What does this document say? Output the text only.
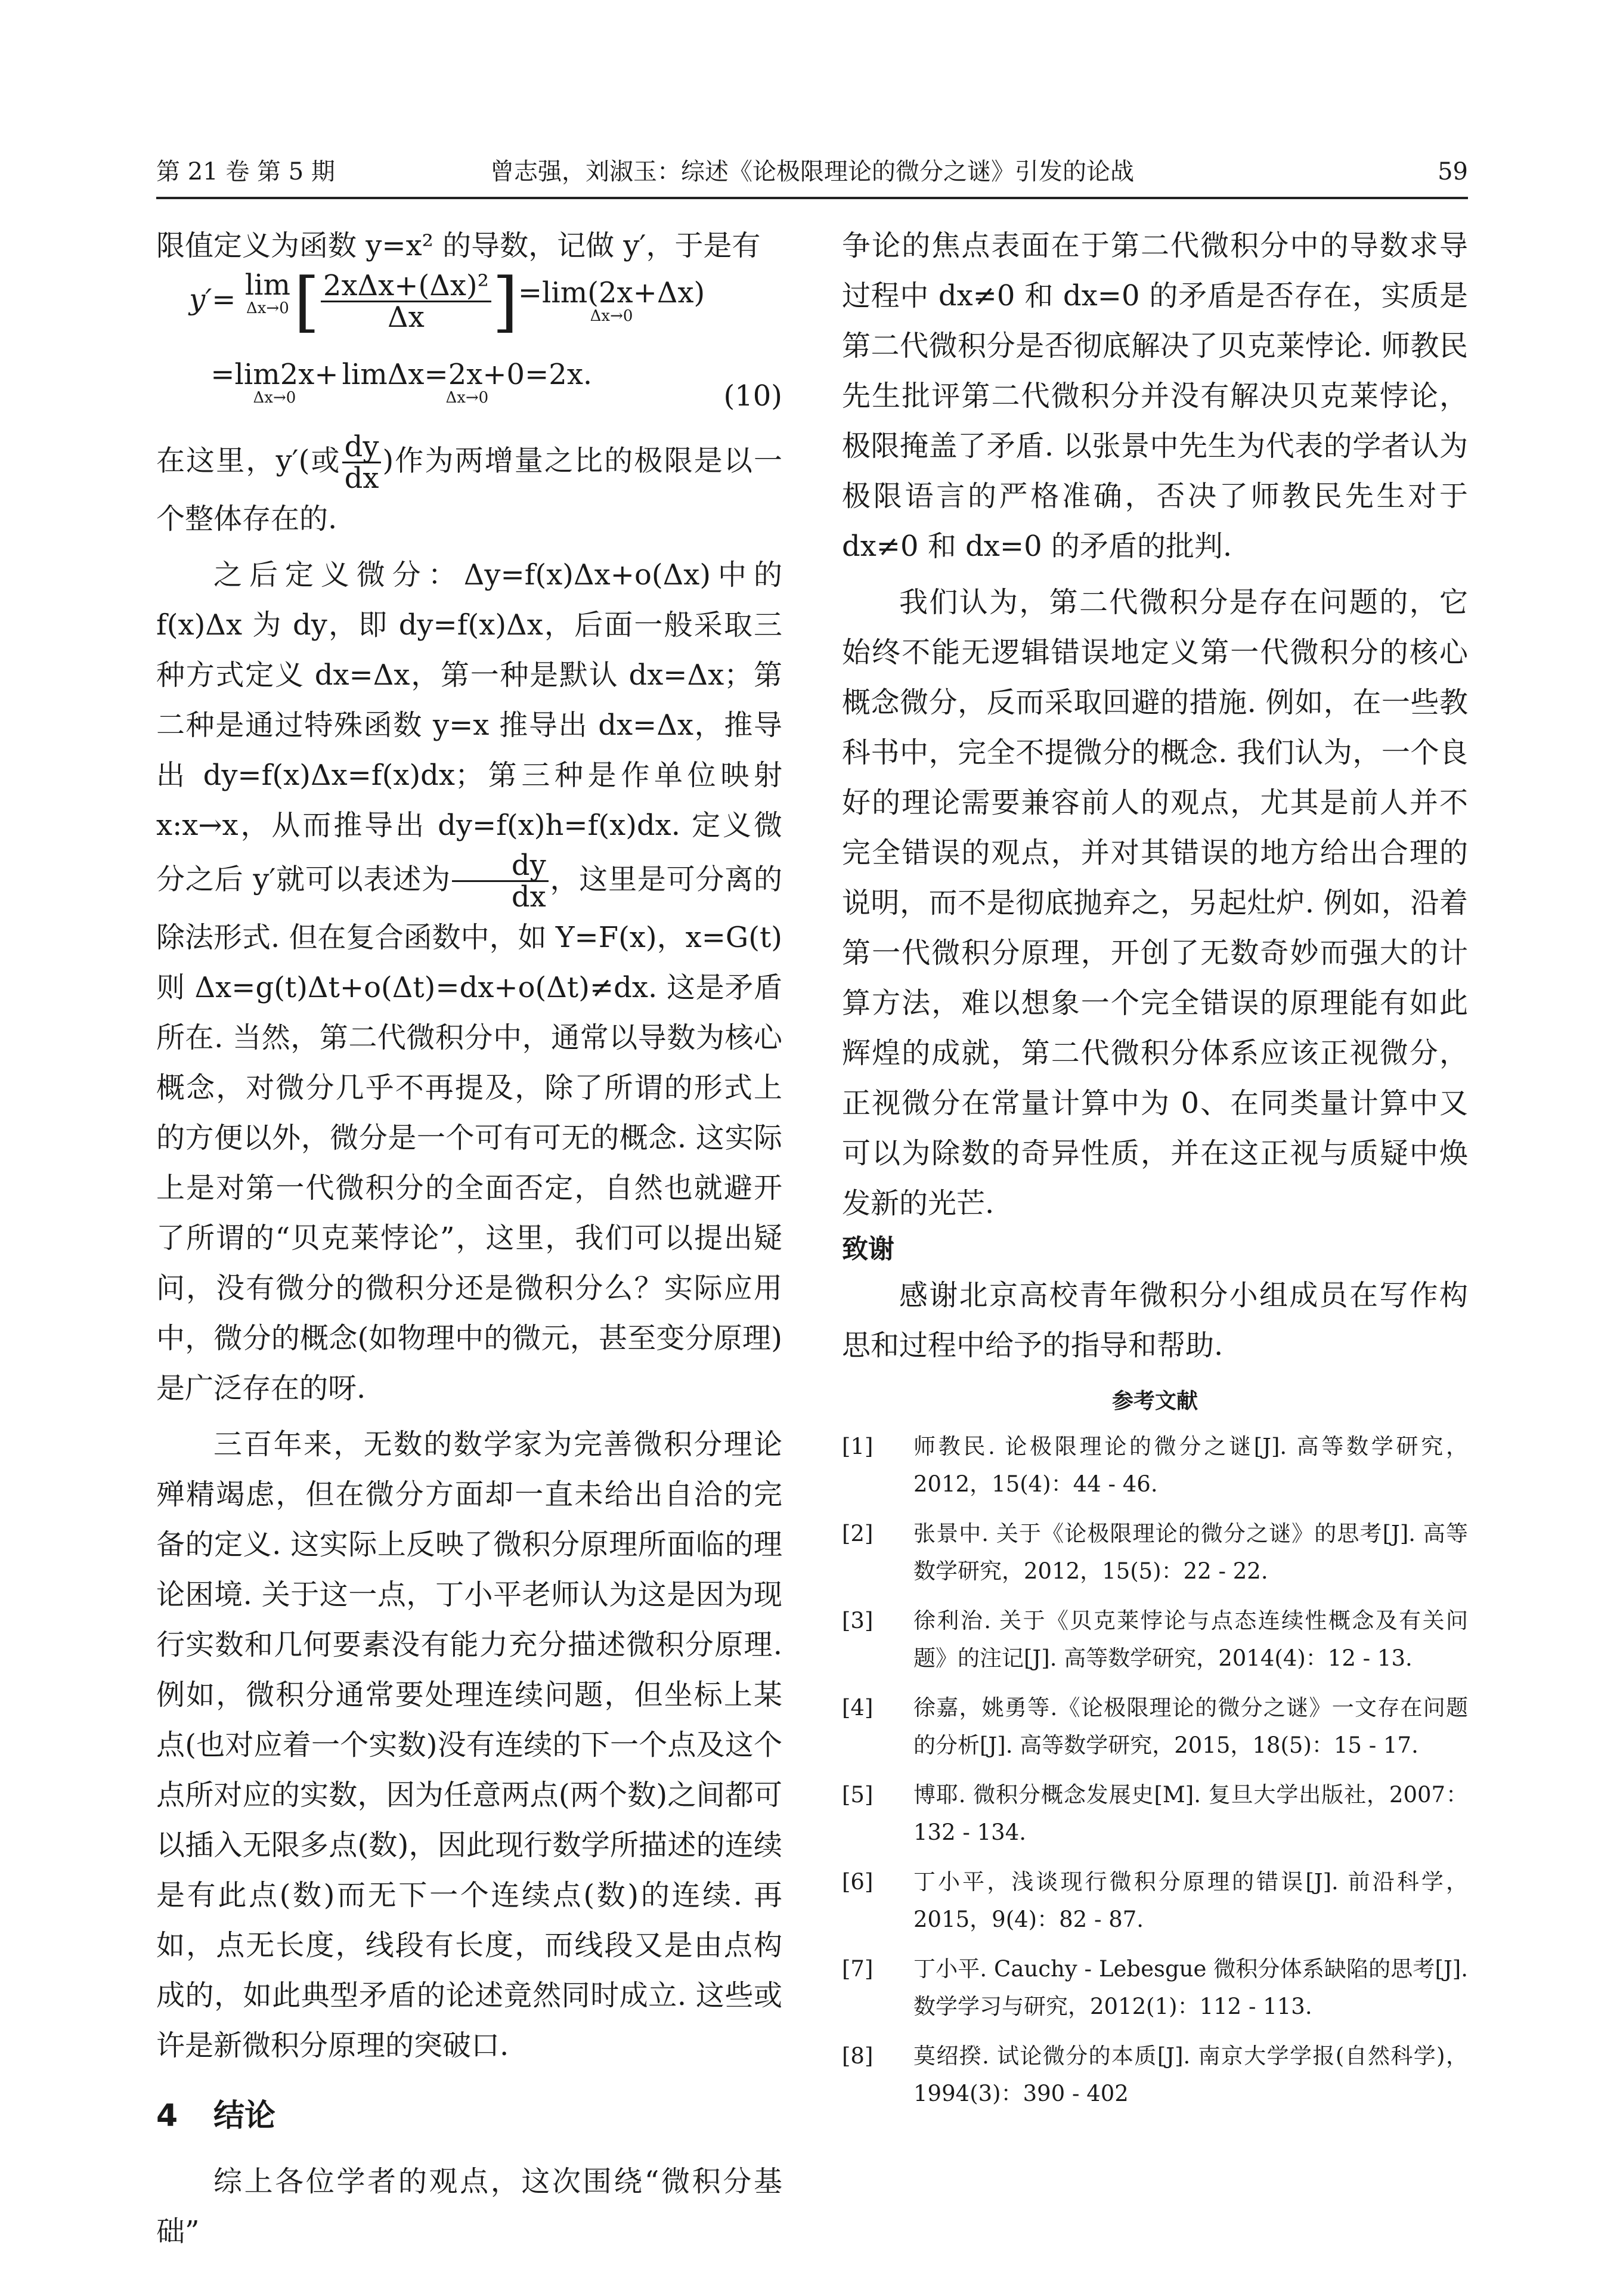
第 21 卷 第 5 期	曾志强，刘淑玉：综述《论极限理论的微分之谜》引发的论战	59

限值定义为函数 y=x² 的导数，记做 y′，于是有

y′= lim
Δx→0 [ $\frac{\text{2xΔx+(Δx)²}}{\Delta x} ]=\lim(2x+\Delta x)$
Δx→0
=lim2x+
Δx→0
limΔx=2x+0=2x.
Δx→0	(10)

在这里，y′(或 $\frac{dy}{dx}$ )作为两增量之比的极限是以一个整体存在的.

之后定义微分：Δy=f(x)Δx+o(Δx)中的 f(x)Δx 为 dy，即 dy=f(x)Δx，后面一般采取三种方式定义 dx=Δx，第一种是默认 dx=Δx；第二种是通过特殊函数 y=x 推导出 dx=Δx，推导出 dy=f(x)Δx=f(x)dx；第三种是作单位映射 x:x→x，从而推导出 dy=f(x)h=f(x)dx. 定义微分之后 y′就可以表述为 $\frac{dy}{dx}$ ，这里是可分离的除法形式. 但在复合函数中，如 Y=F(x)，x=G(t)则 Δx=g(t)Δt+o(Δt)=dx+o(Δt)≠dx. 这是矛盾所在. 当然，第二代微积分中，通常以导数为核心概念，对微分几乎不再提及，除了所谓的形式上的方便以外，微分是一个可有可无的概念. 这实际上是对第一代微积分的全面否定，自然也就避开了所谓的“贝克莱悖论”，这里，我们可以提出疑问，没有微分的微积分还是微积分么？实际应用中，微分的概念(如物理中的微元，甚至变分原理)是广泛存在的呀.

三百年来，无数的数学家为完善微积分理论殚精竭虑，但在微分方面却一直未给出自洽的完备的定义. 这实际上反映了微积分原理所面临的理论困境. 关于这一点，丁小平老师认为这是因为现行实数和几何要素没有能力充分描述微积分原理. 例如，微积分通常要处理连续问题，但坐标上某点(也对应着一个实数)没有连续的下一个点及这个点所对应的实数，因为任意两点(两个数)之间都可以插入无限多点(数)，因此现行数学所描述的连续是有此点(数)而无下一个连续点(数)的连续. 再如，点无长度，线段有长度，而线段又是由点构成的，如此典型矛盾的论述竟然同时成立. 这些或许是新微积分原理的突破口.

4 结论

综上各位学者的观点，这次围绕“微积分基础”

争论的焦点表面在于第二代微积分中的导数求导过程中 dx≠0 和 dx=0 的矛盾是否存在，实质是第二代微积分是否彻底解决了贝克莱悖论. 师教民先生批评第二代微积分并没有解决贝克莱悖论，极限掩盖了矛盾. 以张景中先生为代表的学者认为极限语言的严格准确，否决了师教民先生对于 dx≠0 和 dx=0 的矛盾的批判.

我们认为，第二代微积分是存在问题的，它始终不能无逻辑错误地定义第一代微积分的核心概念微分，反而采取回避的措施. 例如，在一些教科书中，完全不提微分的概念. 我们认为，一个良好的理论需要兼容前人的观点，尤其是前人并不完全错误的观点，并对其错误的地方给出合理的说明，而不是彻底抛弃之，另起灶炉. 例如，沿着第一代微积分原理，开创了无数奇妙而强大的计算方法，难以想象一个完全错误的原理能有如此辉煌的成就，第二代微积分体系应该正视微分，正视微分在常量计算中为 0、在同类量计算中又可以为除数的奇异性质，并在这正视与质疑中焕发新的光芒.

致谢

感谢北京高校青年微积分小组成员在写作构思和过程中给予的指导和帮助.

参考文献

[1] 师教民. 论极限理论的微分之谜[J]. 高等数学研究，2012，15(4)：44 - 46.
[2] 张景中. 关于《论极限理论的微分之谜》的思考[J]. 高等数学研究，2012，15(5)：22 - 22.
[3] 徐利治. 关于《贝克莱悖论与点态连续性概念及有关问题》的注记[J]. 高等数学研究，2014(4)：12 - 13.
[4] 徐嘉，姚勇等.《论极限理论的微分之谜》一文存在问题的分析[J]. 高等数学研究，2015，18(5)：15 - 17.
[5] 博耶. 微积分概念发展史[M]. 复旦大学出版社，2007：132 - 134.
[6] 丁小平，浅谈现行微积分原理的错误[J]. 前沿科学，2015，9(4)：82 - 87.
[7] 丁小平. Cauchy - Lebesgue 微积分体系缺陷的思考[J]. 数学学习与研究，2012(1)：112 - 113.
[8] 莫绍揆. 试论微分的本质[J]. 南京大学学报(自然科学)，1994(3)：390 - 402
